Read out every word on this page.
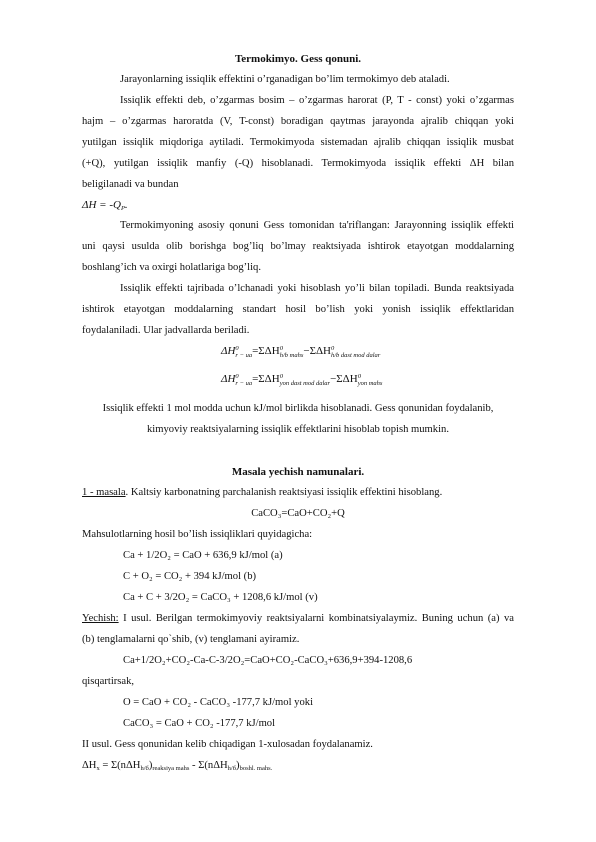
Termokimyo. Gess qonuni.
Jarayonlarning issiqlik effektini o’rganadigan bo’lim termokimyo deb ataladi.
Issiqlik effekti deb, o’zgarmas bosim – o’zgarmas harorat (P, T - const) yoki o’zgarmas
hajm – o’zgarmas haroratda (V, T-const) boradigan qaytmas jarayonda ajralib chiqqan yoki
yutilgan issiqlik miqdoriga aytiladi. Termokimyoda sistemadan ajralib chiqqan issiqlik musbat
(+Q), yutilgan issiqlik manfiy (-Q) hisoblanadi. Termokimyoda issiqlik effekti ΔH bilan
beligilanadi va bundan
$\Delta H = -Q_P$.
Termokimyoning asosiy qonuni Gess tomonidan ta'riflangan: Jarayonning issiqlik effekti
uni qaysi usulda olib borishga bog’liq bo’lmay reaktsiyada ishtirok etayotgan moddalarning
boshlang’ich va oxirgi holatlariga bog’liq.
Issiqlik effekti tajribada o’lchanadi yoki hisoblash yo’li bilan topiladi. Bunda reaktsiyada
ishtirok etayotgan moddalarning standart hosil bo’lish yoki yonish issiqlik effektlaridan
foydalaniladi. Ular jadvallarda beriladi.
ΔH0
r − ua=ΣΔH0
h/b mahs−ΣΔH0
h/b dast mod dalar
ΔH0
r − ua=ΣΔH0
yon dast mod dalar−ΣΔH0
yon mahs
Issiqlik effekti 1 mol modda uchun kJ/mol birlikda hisoblanadi. Gess qonunidan foydalanib,
kimyoviy reaktsiyalarning issiqlik effektlarini hisoblab topish mumkin.
Masala yechish namunalari.
1 - masala. Kaltsiy karbonatning parchalanish reaktsiyasi issiqlik effektini hisoblang.
CaCO₃=CaO+CO₂+Q
Mahsulotlarning hosil bo’lish issiqliklari quyidagicha:
Ca + 1/2O₂ = CaO + 636,9 kJ/mol (a)
C + O₂ = CO₂ + 394 kJ/mol (b)
Ca + C + 3/2O₂ = CaCO₃ + 1208,6 kJ/mol (v)
Yechish: I usul. Berilgan termokimyoviy reaktsiyalarni kombinatsiyalaymiz. Buning uchun (a) va
(b) tenglamalarni qo`shib, (v) tenglamani ayiramiz.
Ca+1/2O₂+CO₂-Ca-C-3/2O₂=CaO+CO₂-CaCO₃+636,9+394-1208,6
qisqartirsak,
O = CaO + CO₂ - CaCO₃ -177,7 kJ/mol yoki
CaCO₃ = CaO + CO₂ -177,7 kJ/mol
II usul. Gess qonunidan kelib chiqadigan 1-xulosadan foydalanamiz.
$\Delta H_x = \Sigma(n\Delta H_{h/б})_{reaksiya mahs} - \Sigma(n\Delta H_{h/б})_{boshl. mahs.}$
